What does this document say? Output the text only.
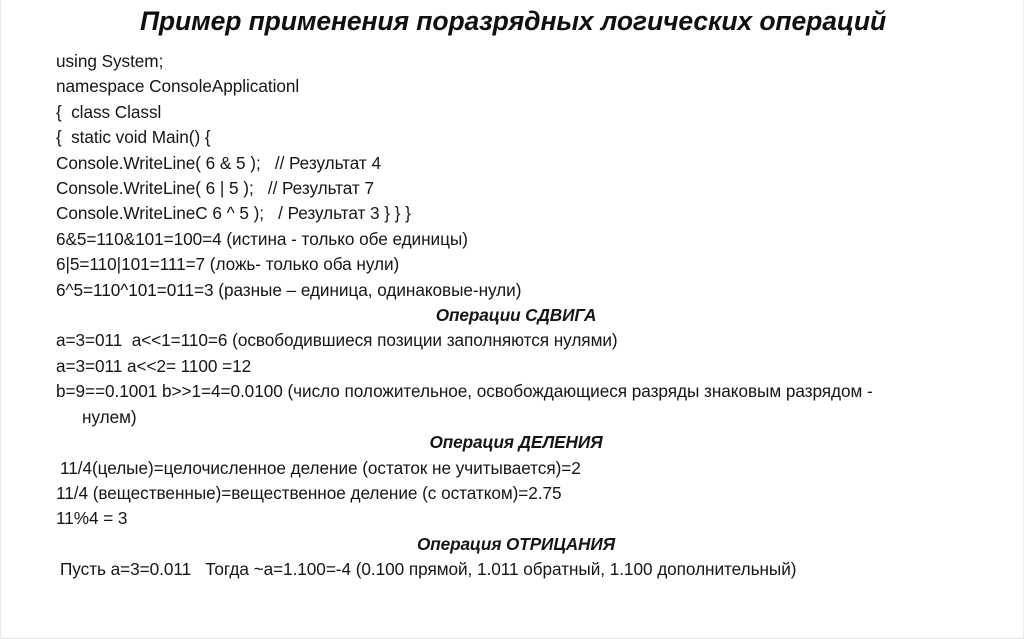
Пример применения поразрядных логических операций
using System;
namespace ConsoleApplicationl
{  class Classl
{  static void Main() {
Console.WriteLine( 6 & 5 );   // Результат 4
Console.WriteLine( 6 | 5 );   // Результат 7
Console.WriteLineC 6 ^ 5 );   / Результат 3 } } }
6&5=110&101=100=4 (истина - только обе единицы)
6|5=110|101=111=7 (ложь- только оба нули)
6^5=110^101=011=3 (разные – единица, одинаковые-нули)
Операции СДВИГА
a=3=011  a<<1=110=6 (освободившиеся позиции заполняются нулями)
a=3=011 a<<2= 1100 =12
b=9==0.1001 b>>1=4=0.0100 (число положительное, освобождающиеся разряды знаковым разрядом -
нулем)
Операция ДЕЛЕНИЯ
11/4(целые)=целочисленное деление (остаток не учитывается)=2
11/4 (вещественные)=вещественное деление (с остатком)=2.75
11%4 = 3
Операция ОТРИЦАНИЯ
Пусть a=3=0.011   Тогда ~a=1.100=-4 (0.100 прямой, 1.011 обратный, 1.100 дополнительный)
